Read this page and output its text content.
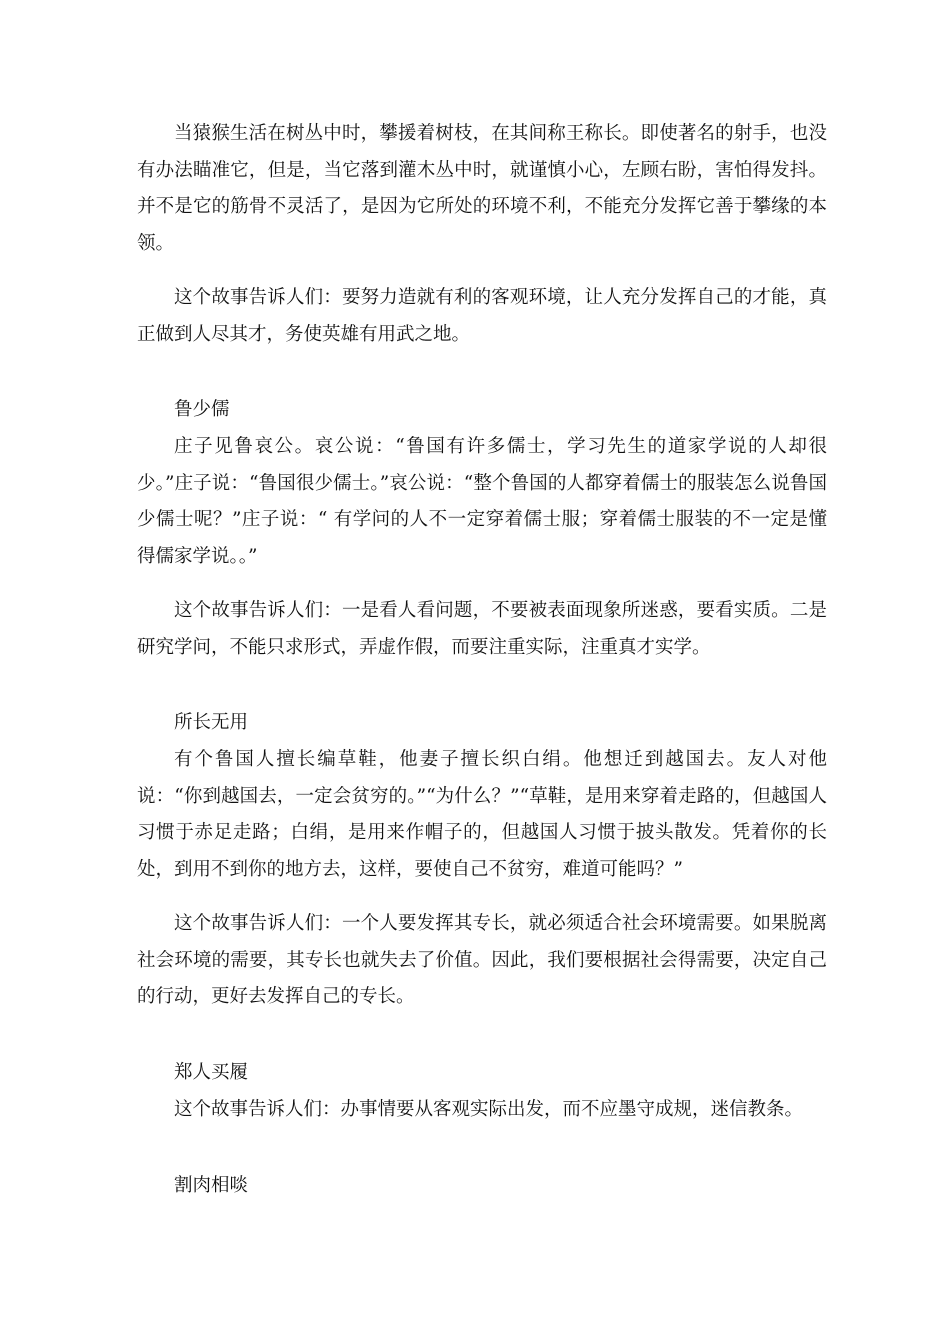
当猿猴生活在树丛中时，攀援着树枝，在其间称王称长。即使著名的射手，也没有办法瞄准它，但是，当它落到灌木丛中时，就谨慎小心，左顾右盼，害怕得发抖。并不是它的筋骨不灵活了，是因为它所处的环境不利，不能充分发挥它善于攀缘的本领。

这个故事告诉人们：要努力造就有利的客观环境，让人充分发挥自己的才能，真正做到人尽其才，务使英雄有用武之地。

鲁少儒

庄子见鲁哀公。哀公说：“鲁国有许多儒士，学习先生的道家学说的人却很少。”庄子说：“鲁国很少儒士。”哀公说：“整个鲁国的人都穿着儒士的服装怎么说鲁国少儒士呢？”庄子说：“ 有学问的人不一定穿着儒士服；穿着儒士服装的不一定是懂得儒家学说。。”

这个故事告诉人们：一是看人看问题，不要被表面现象所迷惑，要看实质。二是研究学问，不能只求形式，弄虚作假，而要注重实际，注重真才实学。

所长无用

有个鲁国人擅长编草鞋，他妻子擅长织白绢。他想迁到越国去。友人对他说：“你到越国去，一定会贫穷的。”“为什么？”“草鞋，是用来穿着走路的，但越国人习惯于赤足走路；白绢，是用来作帽子的，但越国人习惯于披头散发。凭着你的长处，到用不到你的地方去，这样，要使自己不贫穷，难道可能吗？”

这个故事告诉人们：一个人要发挥其专长，就必须适合社会环境需要。如果脱离社会环境的需要，其专长也就失去了价值。因此，我们要根据社会得需要，决定自己的行动，更好去发挥自己的专长。

郑人买履

这个故事告诉人们：办事情要从客观实际出发，而不应墨守成规，迷信教条。

割肉相啖
